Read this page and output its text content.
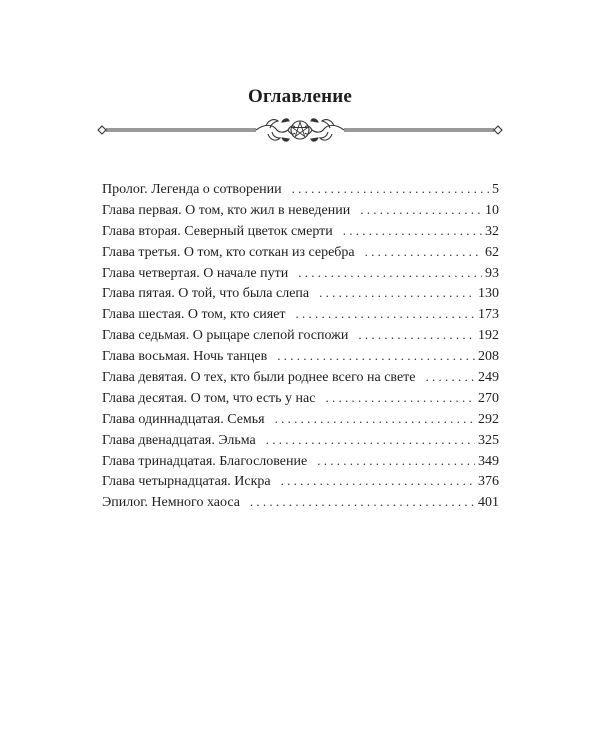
Оглавление
Пролог. Легенда о сотворении . . .	5
Глава первая. О том, кто жил в неведении . . .	10
Глава вторая. Северный цветок смерти . . .	32
Глава третья. О том, кто соткан из серебра . . .	62
Глава четвертая. О начале пути . . .	93
Глава пятая. О той, что была слепа . . .	130
Глава шестая. О том, кто сияет . . .	173
Глава седьмая. О рыцаре слепой госпожи . . .	192
Глава восьмая. Ночь танцев . . .	208
Глава девятая. О тех, кто были роднее всего на свете . . .	249
Глава десятая. О том, что есть у нас . . .	270
Глава одиннадцатая. Семья . . .	292
Глава двенадцатая. Эльма . . .	325
Глава тринадцатая. Благословение . . .	349
Глава четырнадцатая. Искра . . .	376
Эпилог. Немного хаоса . . .	401
